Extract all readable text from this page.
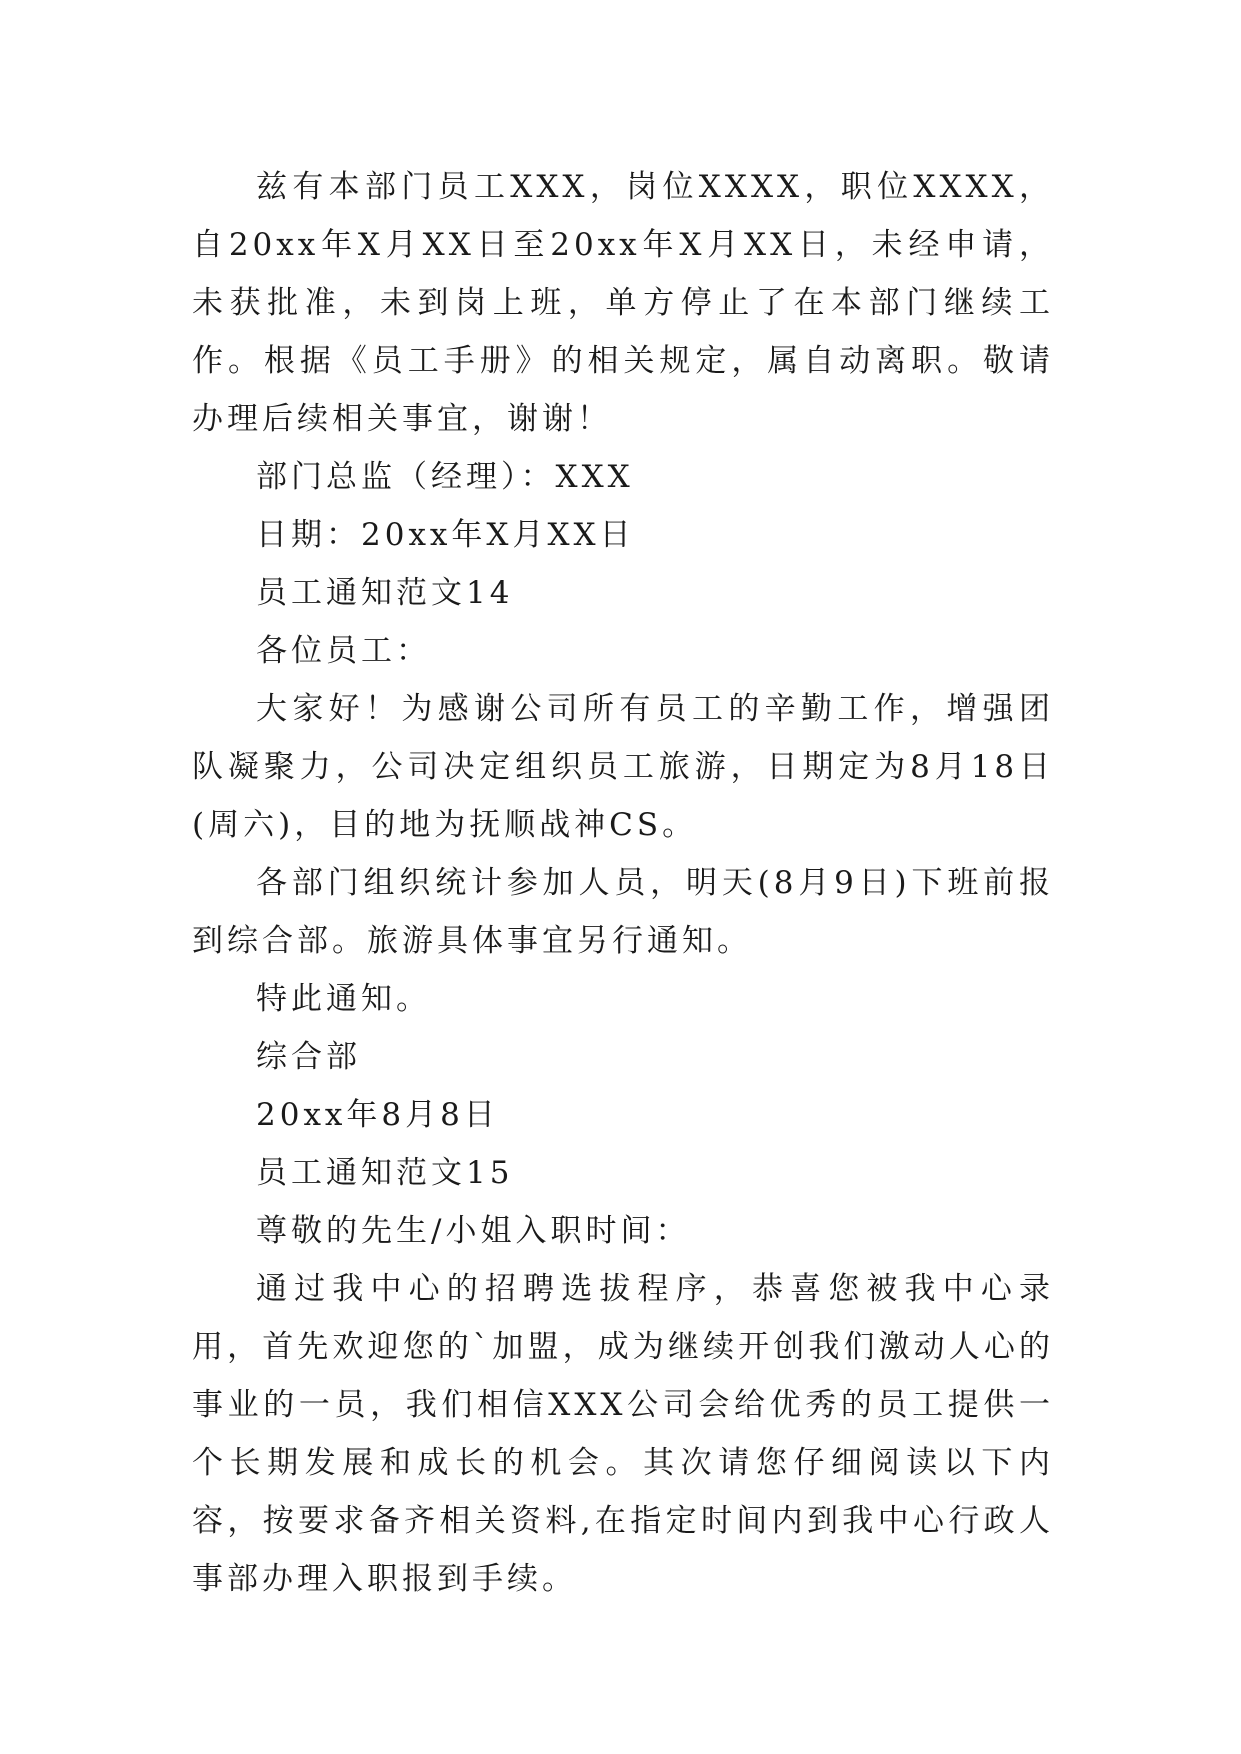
兹有本部门员工XXX，岗位XXXX，职位XXXX，自20xx年X月XX日至20xx年X月XX日，未经申请，未获批准，未到岗上班，单方停止了在本部门继续工作。根据《员工手册》的相关规定，属自动离职。敬请办理后续相关事宜，谢谢！

部门总监（经理）：XXX

日期：20xx年X月XX日

员工通知范文14

各位员工：

大家好！为感谢公司所有员工的辛勤工作，增强团队凝聚力，公司决定组织员工旅游，日期定为8月18日(周六)，目的地为抚顺战神CS。

各部门组织统计参加人员，明天(8月9日)下班前报到综合部。旅游具体事宜另行通知。

特此通知。

综合部

20xx年8月8日

员工通知范文15

尊敬的先生/小姐入职时间：

通过我中心的招聘选拔程序，恭喜您被我中心录用，首先欢迎您的`加盟，成为继续开创我们激动人心的事业的一员，我们相信XXX公司会给优秀的员工提供一个长期发展和成长的机会。其次请您仔细阅读以下内容，按要求备齐相关资料,在指定时间内到我中心行政人事部办理入职报到手续。
